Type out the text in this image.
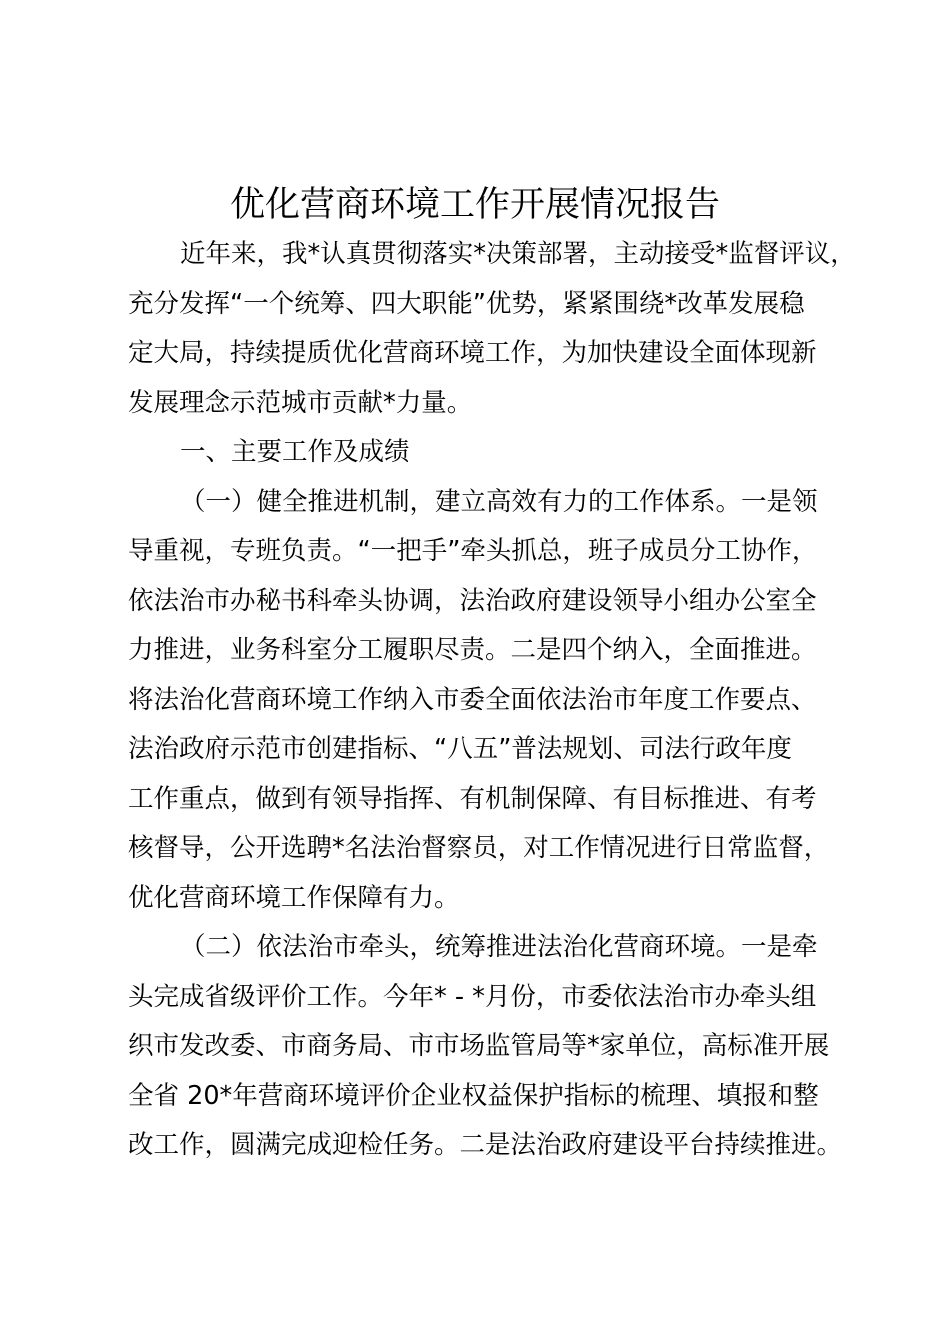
优化营商环境工作开展情况报告
近年来，我*认真贯彻落实*决策部署，主动接受*监督评议，
充分发挥“一个统筹、四大职能”优势，紧紧围绕*改革发展稳
定大局，持续提质优化营商环境工作，为加快建设全面体现新
发展理念示范城市贡献*力量。
一、主要工作及成绩
（一）健全推进机制，建立高效有力的工作体系。一是领
导重视，专班负责。“一把手”牵头抓总，班子成员分工协作，
依法治市办秘书科牵头协调，法治政府建设领导小组办公室全
力推进，业务科室分工履职尽责。二是四个纳入，全面推进。
将法治化营商环境工作纳入市委全面依法治市年度工作要点、
法治政府示范市创建指标、“八五”普法规划、司法行政年度
工作重点，做到有领导指挥、有机制保障、有目标推进、有考
核督导，公开选聘*名法治督察员，对工作情况进行日常监督，
优化营商环境工作保障有力。
（二）依法治市牵头，统筹推进法治化营商环境。一是牵
头完成省级评价工作。今年* - *月份，市委依法治市办牵头组
织市发改委、市商务局、市市场监管局等*家单位，高标准开展
全省 20*年营商环境评价企业权益保护指标的梳理、填报和整
改工作，圆满完成迎检任务。二是法治政府建设平台持续推进。
